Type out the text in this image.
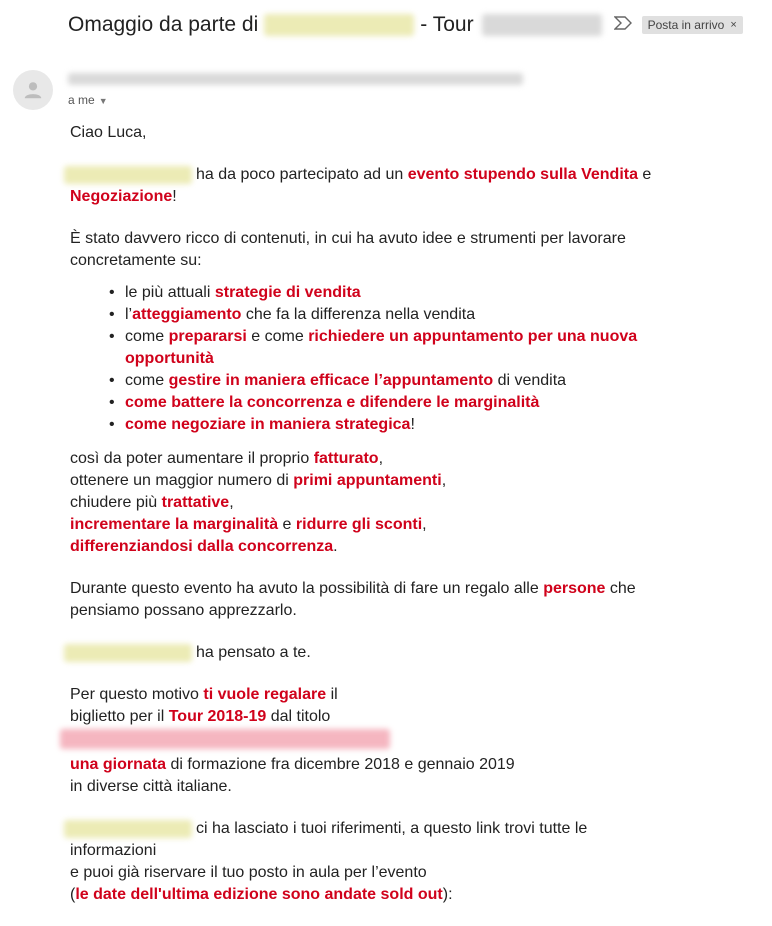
Omaggio da parte di	- Tour	Posta in arrivo ×
a me ▼

Ciao Luca,

ha da poco partecipato ad un evento stupendo sulla Vendita e Negoziazione!

È stato davvero ricco di contenuti, in cui ha avuto idee e strumenti per lavorare concretamente su:

• le più attuali strategie di vendita
• l’atteggiamento che fa la differenza nella vendita
• come prepararsi e come richiedere un appuntamento per una nuova opportunità
• come gestire in maniera efficace l’appuntamento di vendita
• come battere la concorrenza e difendere le marginalità
• come negoziare in maniera strategica!

così da poter aumentare il proprio fatturato,
ottenere un maggior numero di primi appuntamenti,
chiudere più trattative,
incrementare la marginalità e ridurre gli sconti,
differenziandosi dalla concorrenza.

Durante questo evento ha avuto la possibilità di fare un regalo alle persone che pensiamo possano apprezzarlo.

ha pensato a te.

Per questo motivo ti vuole regalare il
biglietto per il Tour 2018-19 dal titolo

una giornata di formazione fra dicembre 2018 e gennaio 2019
in diverse città italiane.

ci ha lasciato i tuoi riferimenti, a questo link trovi tutte le informazioni
e puoi già riservare il tuo posto in aula per l’evento
(le date dell'ultima edizione sono andate sold out):
